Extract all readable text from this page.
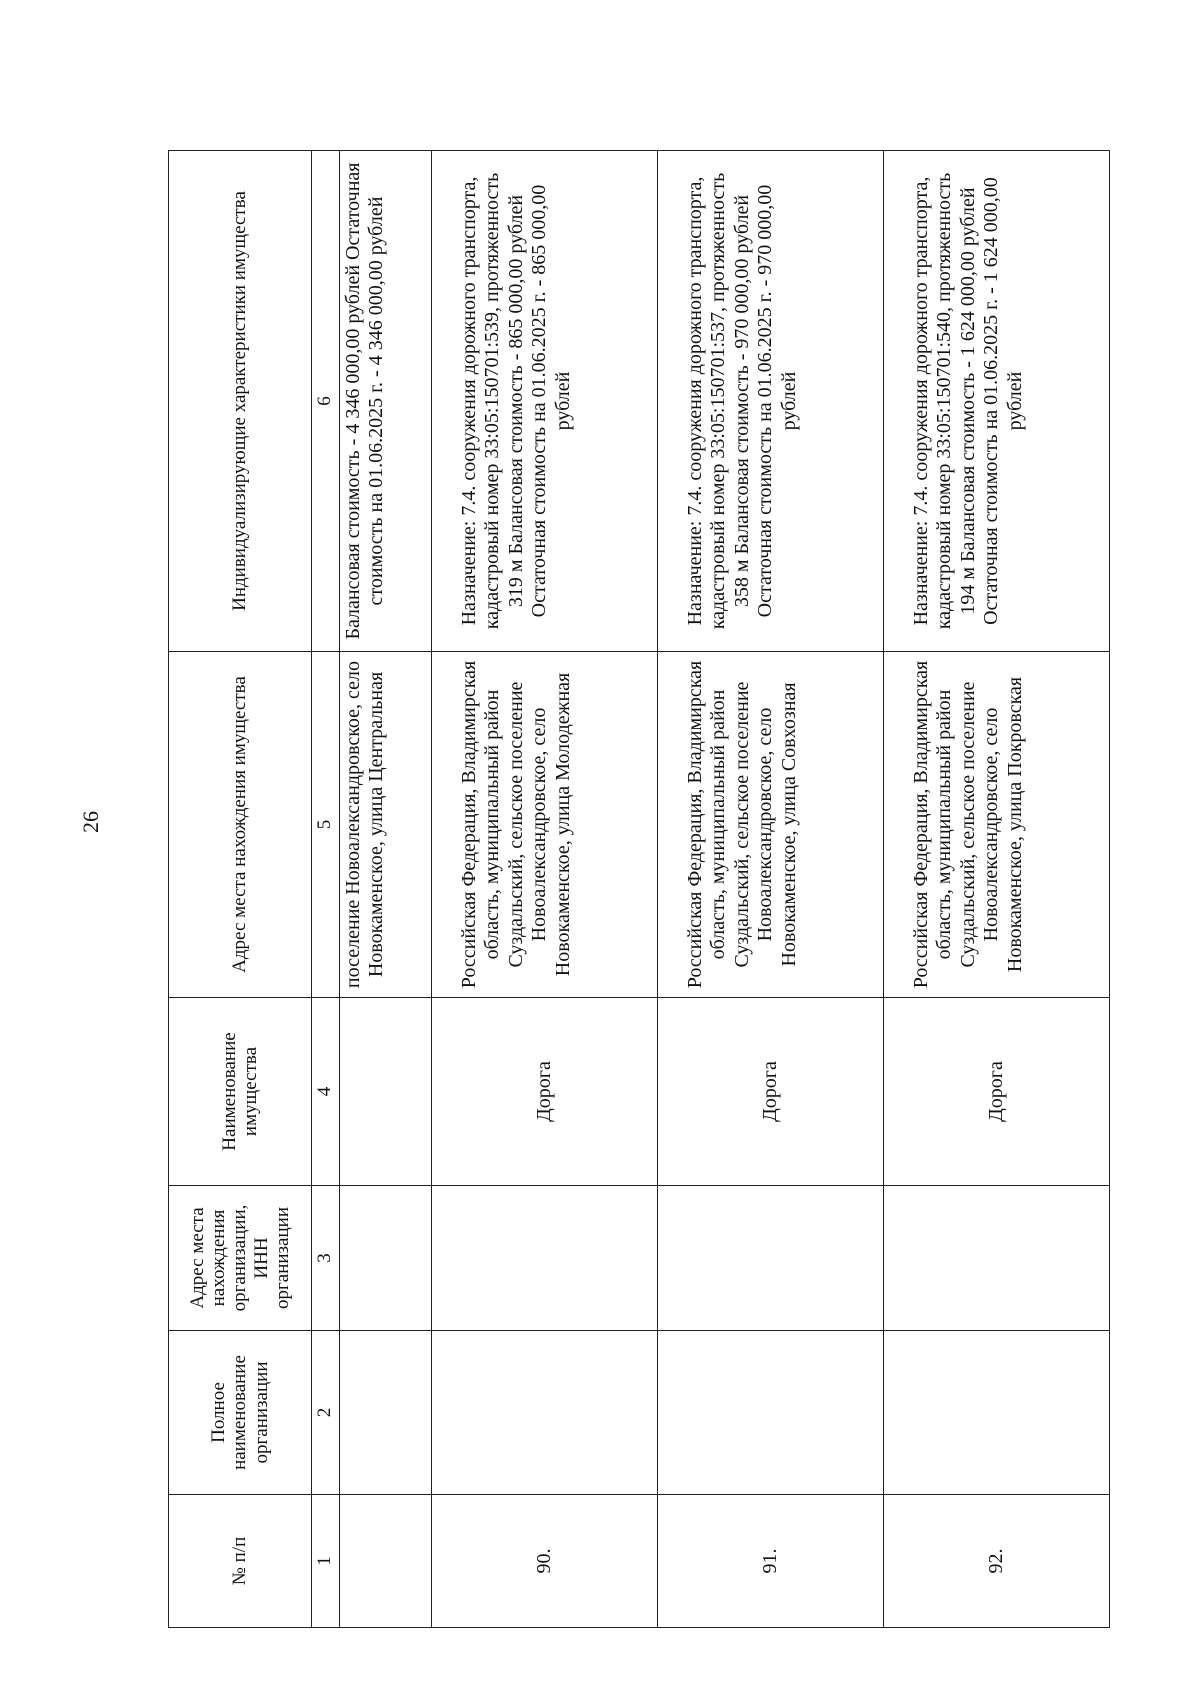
26
№ п/п	Полное наименование организации	Адрес места нахождения организации, ИНН организации	Наименование имущества	Адрес места нахождения имущества	Индивидуализирующие характеристики имущества
1	2	3	4	5	6
				поселение Новоалександровское, село Новокаменское, улица Центральная	Балансовая стоимость - 4 346 000,00 рублей Остаточная стоимость на 01.06.2025 г. - 4 346 000,00 рублей
90.			Дорога	Российская Федерация, Владимирская область, муниципальный район Суздальский, сельское поселение Новоалександровское, село Новокаменское, улица Молодежная	Назначение: 7.4. сооружения дорожного транспорта, кадастровый номер 33:05:150701:539, протяженность 319 м Балансовая стоимость - 865 000,00 рублей Остаточная стоимость на 01.06.2025 г. - 865 000,00 рублей
91.			Дорога	Российская Федерация, Владимирская область, муниципальный район Суздальский, сельское поселение Новоалександровское, село Новокаменское, улица Совхозная	Назначение: 7.4. сооружения дорожного транспорта, кадастровый номер 33:05:150701:537, протяженность 358 м Балансовая стоимость - 970 000,00 рублей Остаточная стоимость на 01.06.2025 г. - 970 000,00 рублей
92.			Дорога	Российская Федерация, Владимирская область, муниципальный район Суздальский, сельское поселение Новоалександровское, село Новокаменское, улица Покровская	Назначение: 7.4. сооружения дорожного транспорта, кадастровый номер 33:05:150701:540, протяженность 194 м Балансовая стоимость - 1 624 000,00 рублей Остаточная стоимость на 01.06.2025 г. - 1 624 000,00 рублей
